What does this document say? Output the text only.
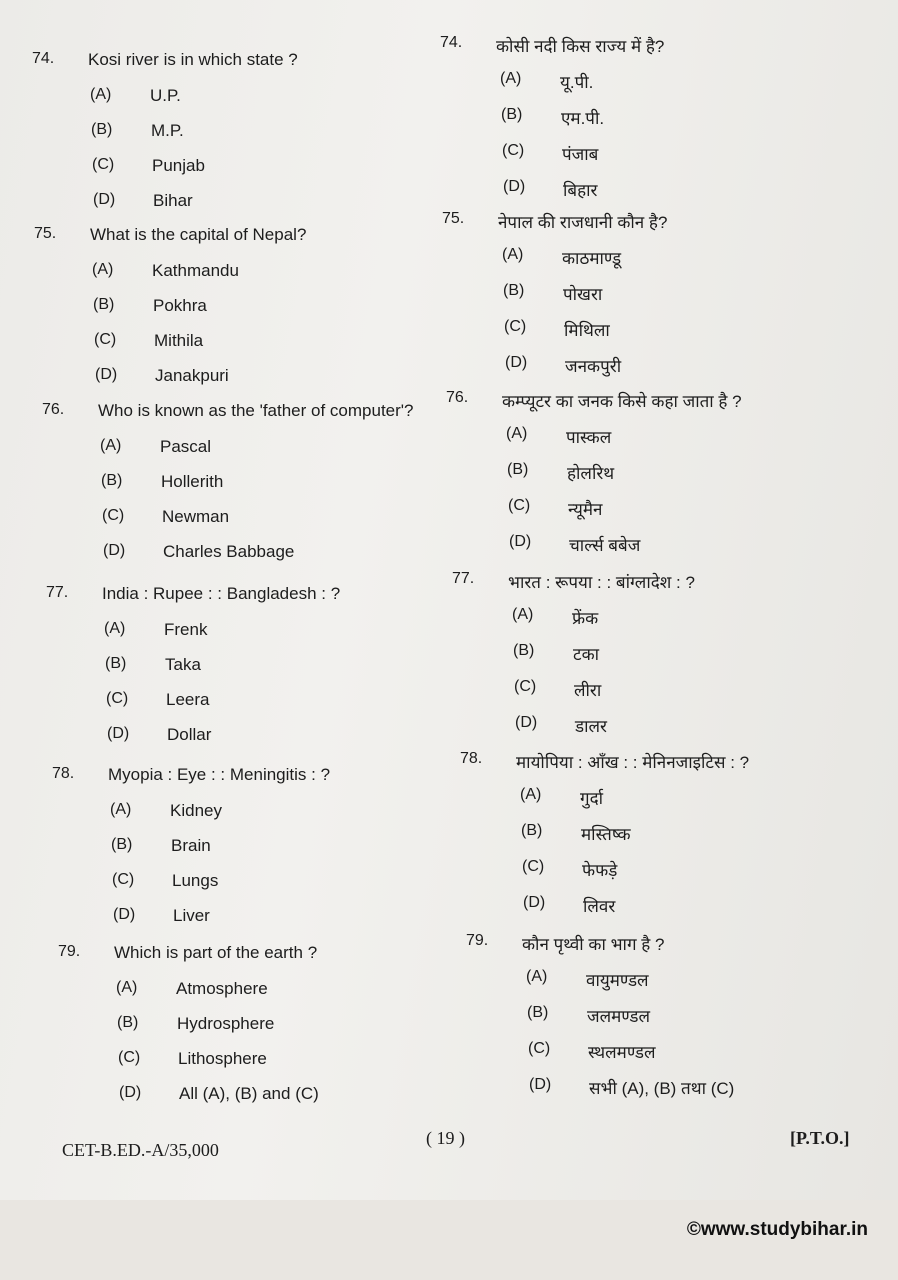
74. Kosi river is in which state ?
(A) U.P.
(B) M.P.
(C) Punjab
(D) Bihar
75. What is the capital of Nepal?
(A) Kathmandu
(B) Pokhra
(C) Mithila
(D) Janakpuri
76. Who is known as the 'father of computer'?
(A) Pascal
(B) Hollerith
(C) Newman
(D) Charles Babbage
77. India : Rupee : : Bangladesh : ?
(A) Frenk
(B) Taka
(C) Leera
(D) Dollar
78. Myopia : Eye : : Meningitis : ?
(A) Kidney
(B) Brain
(C) Lungs
(D) Liver
79. Which is part of the earth ?
(A) Atmosphere
(B) Hydrosphere
(C) Lithosphere
(D) All (A), (B) and (C)
74. कोसी नदी किस राज्य में है?
(A) यू.पी.
(B) एम.पी.
(C) पंजाब
(D) बिहार
75. नेपाल की राजधानी कौन है?
(A) काठमाण्डू
(B) पोखरा
(C) मिथिला
(D) जनकपुरी
76. कम्प्यूटर का जनक किसे कहा जाता है ?
(A) पास्कल
(B) होलरिथ
(C) न्यूमैन
(D) चार्ल्स बबेज
77. भारत : रूपया : : बांग्लादेश : ?
(A) फ्रेंक
(B) टका
(C) लीरा
(D) डालर
78. मायोपिया : आँख : : मेनिनजाइटिस : ?
(A) गुर्दा
(B) मस्तिष्क
(C) फेफड़े
(D) लिवर
79. कौन पृथ्वी का भाग है ?
(A) वायुमण्डल
(B) जलमण्डल
(C) स्थलमण्डल
(D) सभी (A), (B) तथा (C)
CET-B.ED.-A/35,000
( 19 )	[P.T.O.]
©www.studybihar.in
